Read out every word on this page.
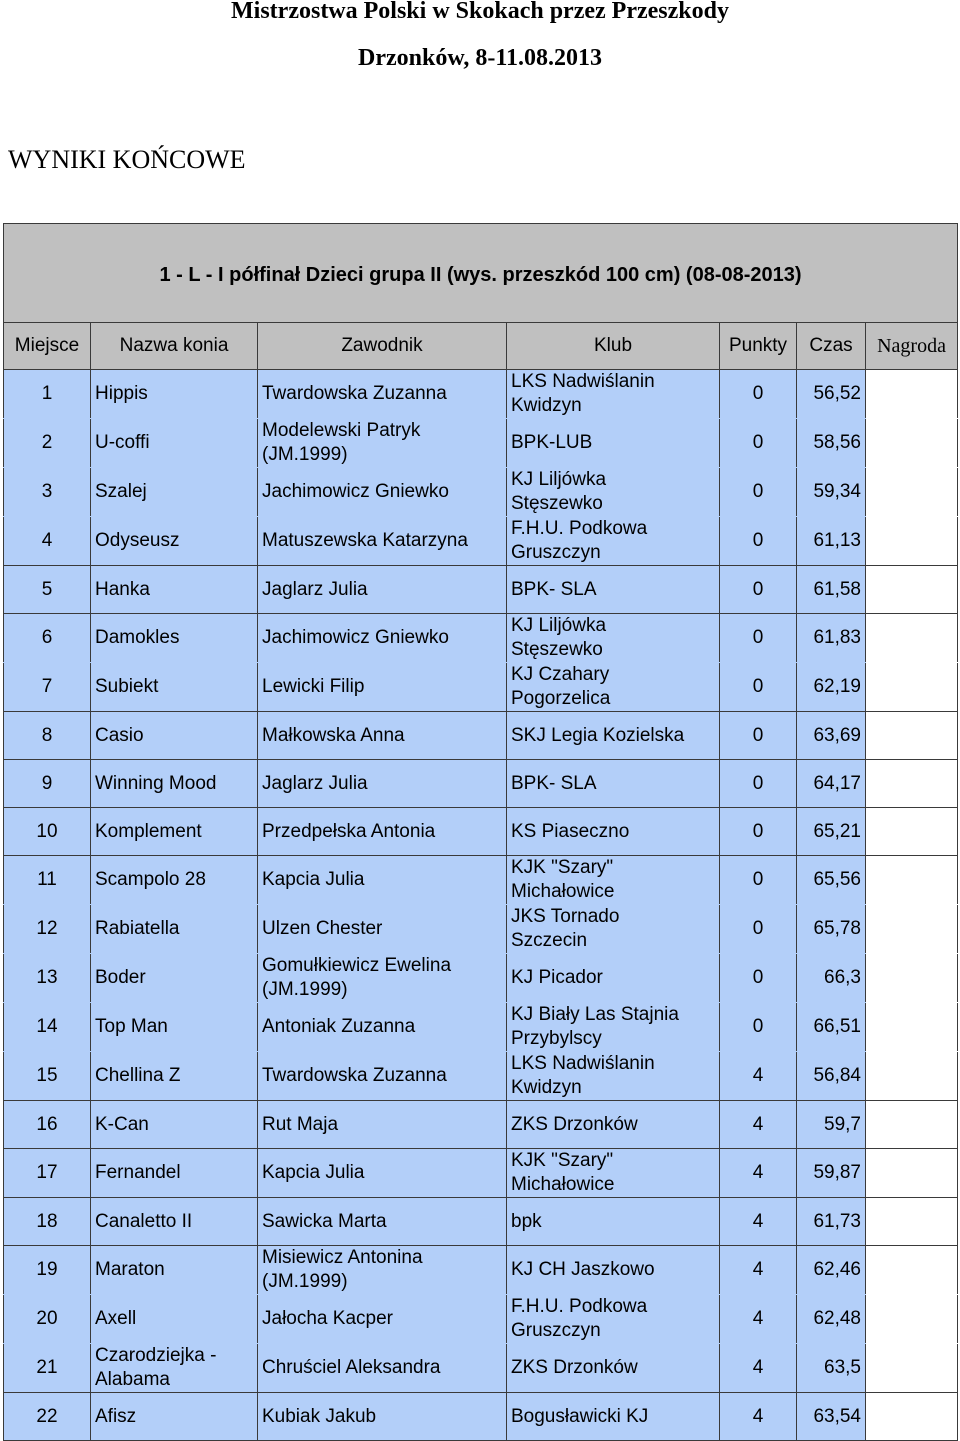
Mistrzostwa Polski w Skokach przez Przeszkody
Drzonków, 8-11.08.2013
WYNIKI KOŃCOWE
1 - L - I półfinał Dzieci grupa II (wys. przeszkód 100 cm) (08-08-2013)						
Miejsce	Nazwa konia	Zawodnik	Klub	Punkty	Czas	Nagroda

1	Hippis	Twardowska Zuzanna	LKS Nadwiślanin
Kwidzyn	0	56,52	

2	U-coffi	Modelewski Patryk
(JM.1999)	BPK-LUB	0	58,56	

3	Szalej	Jachimowicz Gniewko	KJ Liljówka
Stęszewko	0	59,34	

4	Odyseusz	Matuszewska Katarzyna	F.H.U. Podkowa
Gruszczyn	0	61,13	

5	Hanka	Jaglarz Julia	BPK- SLA	0	61,58	

6	Damokles	Jachimowicz Gniewko	KJ Liljówka
Stęszewko	0	61,83	

7	Subiekt	Lewicki Filip	KJ Czahary
Pogorzelica	0	62,19	

8	Casio	Małkowska Anna	SKJ Legia Kozielska	0	63,69	

9	Winning Mood	Jaglarz Julia	BPK- SLA	0	64,17	

10	Komplement	Przedpełska Antonia	KS Piaseczno	0	65,21	

11	Scampolo 28	Kapcia Julia	KJK "Szary"
Michałowice	0	65,56	

12	Rabiatella	Ulzen Chester	JKS Tornado
Szczecin	0	65,78	

13	Boder	Gomułkiewicz Ewelina
(JM.1999)	KJ Picador	0	66,3	

14	Top Man	Antoniak Zuzanna	KJ Biały Las Stajnia
Przybylscy	0	66,51	

15	Chellina Z	Twardowska Zuzanna	LKS Nadwiślanin
Kwidzyn	4	56,84	

16	K-Can	Rut Maja	ZKS Drzonków	4	59,7	

17	Fernandel	Kapcia Julia	KJK "Szary"
Michałowice	4	59,87	

18	Canaletto II	Sawicka Marta	bpk	4	61,73	

19	Maraton	Misiewicz Antonina
(JM.1999)	KJ CH Jaszkowo	4	62,46	

20	Axell	Jałocha Kacper	F.H.U. Podkowa
Gruszczyn	4	62,48	

21	Czarodziejka -
Alabama	Chruściel Aleksandra	ZKS Drzonków	4	63,5	

22	Afisz	Kubiak Jakub	Bogusławicki KJ	4	63,54	
